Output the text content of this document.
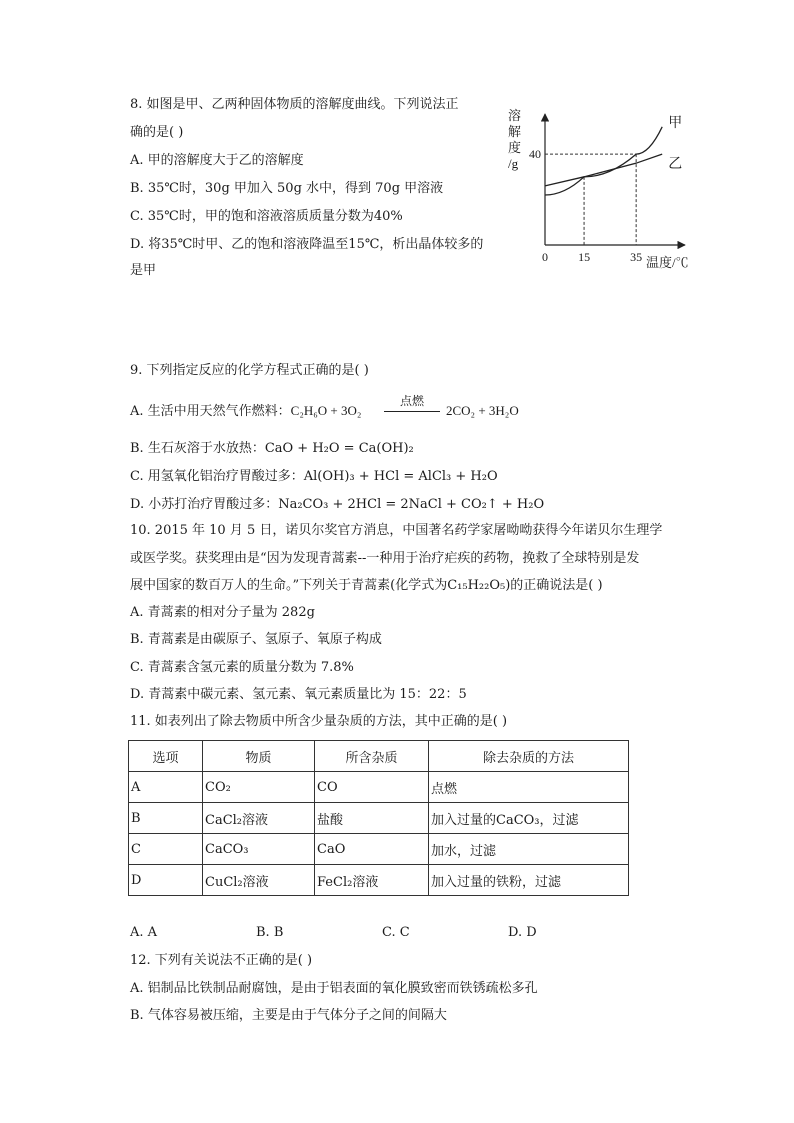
8. 如图是甲、乙两种固体物质的溶解度曲线。下列说法正
确的是( )
A. 甲的溶解度大于乙的溶解度
B. 35℃时，30g 甲加入 50g 水中，得到 70g 甲溶液
C. 35℃时，甲的饱和溶液溶质质量分数为40%
D. 将35℃时甲、乙的饱和溶液降温至15℃，析出晶体较多的
是甲
溶
解
度
/g
0	15	35
40
温度/℃
甲
乙
9. 下列指定反应的化学方程式正确的是( )
A. 生活中用天然气作燃料：C₂H₆O + 3O₂
点燃
2CO₂ + 3H₂O
B. 生石灰溶于水放热：CaO + H₂O = Ca(OH)₂
C. 用氢氧化铝治疗胃酸过多：Al(OH)₃ + HCl = AlCl₃ + H₂O
D. 小苏打治疗胃酸过多：Na₂CO₃ + 2HCl = 2NaCl + CO₂↑ + H₂O
10. 2015 年 10 月 5 日，诺贝尔奖官方消息，中国著名药学家屠呦呦获得今年诺贝尔生理学
或医学奖。获奖理由是“因为发现青蒿素--一种用于治疗疟疾的药物，挽救了全球特别是发
展中国家的数百万人的生命。”下列关于青蒿素(化学式为C₁₅H₂₂O₅)的正确说法是( )
A. 青蒿素的相对分子量为 282g
B. 青蒿素是由碳原子、氢原子、氧原子构成
C. 青蒿素含氢元素的质量分数为 7.8%
D. 青蒿素中碳元素、氢元素、氧元素质量比为 15：22：5
11. 如表列出了除去物质中所含少量杂质的方法，其中正确的是( )
选项	物质	所含杂质	除去杂质的方法
A	CO₂	CO	点燃
B	CaCl₂溶液	盐酸	加入过量的CaCO₃，过滤
C	CaCO₃	CaO	加水，过滤
D	CuCl₂溶液	FeCl₂溶液	加入过量的铁粉，过滤
A. A	B. B	C. C	D. D
12. 下列有关说法不正确的是( )
A. 铝制品比铁制品耐腐蚀，是由于铝表面的氧化膜致密而铁锈疏松多孔
B. 气体容易被压缩，主要是由于气体分子之间的间隔大
